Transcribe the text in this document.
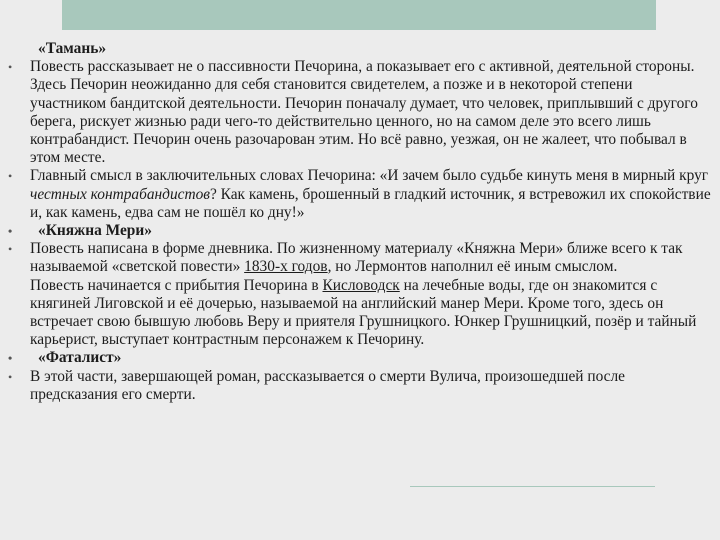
«Тамань»
• Повесть рассказывает не о пассивности Печорина, а показывает его с активной, деятельной стороны. Здесь Печорин неожиданно для себя становится свидетелем, а позже и в некоторой степени участником бандитской деятельности. Печорин поначалу думает, что человек, приплывший с другого берега, рискует жизнью ради чего-то действительно ценного, но на самом деле это всего лишь контрабандист. Печорин очень разочарован этим. Но всё равно, уезжая, он не жалеет, что побывал в этом месте.
• Главный смысл в заключительных словах Печорина: «И зачем было судьбе кинуть меня в мирный круг честных контрабандистов? Как камень, брошенный в гладкий источник, я встревожил их спокойствие и, как камень, едва сам не пошёл ко дну!»
• «Княжна Мери»
• Повесть написана в форме дневника. По жизненному материалу «Княжна Мери» ближе всего к так называемой «светской повести» 1830-х годов, но Лермонтов наполнил её иным смыслом.
Повесть начинается с прибытия Печорина в Кисловодск на лечебные воды, где он знакомится с княгиней Лиговской и её дочерью, называемой на английский манер Мери. Кроме того, здесь он встречает свою бывшую любовь Веру и приятеля Грушницкого. Юнкер Грушницкий, позёр и тайный карьерист, выступает контрастным персонажем к Печорину.
• «Фаталист»
• В этой части, завершающей роман, рассказывается о смерти Вулича, произошедшей после предсказания его смерти.
